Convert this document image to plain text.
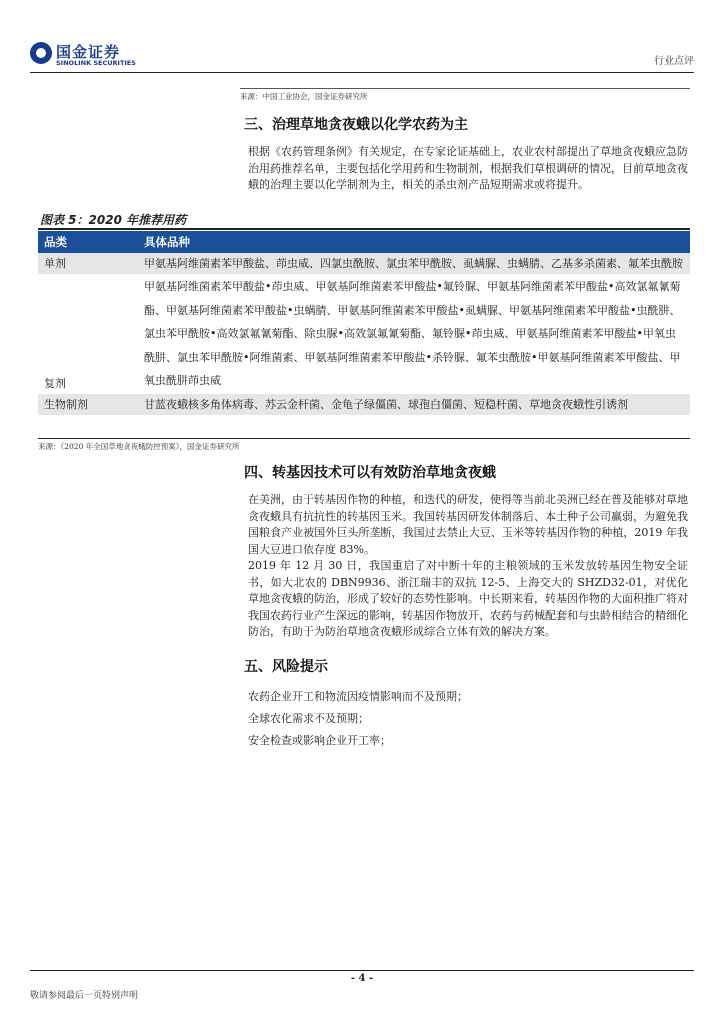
国金证券
SINOLINK SECURITIES	行业点评
来源：中国工业协会，国金证券研究所
三、治理草地贪夜蛾以化学农药为主
根据《农药管理条例》有关规定，在专家论证基础上，农业农村部提出了草地贪夜蛾应急防治用药推荐名单，主要包括化学用药和生物制剂，根据我们草根调研的情况，目前草地贪夜蛾的治理主要以化学制剂为主，相关的杀虫剂产品短期需求或将提升。
图表 5：2020 年推荐用药
品类	具体品种
单剂	甲氨基阿维菌素苯甲酸盐、茚虫威、四氯虫酰胺、氯虫苯甲酰胺、虱螨脲、虫螨腈、乙基多杀菌素、氟苯虫酰胺
复剂	甲氨基阿维菌素苯甲酸盐•茚虫威、甲氨基阿维菌素苯甲酸盐•氟铃脲、甲氨基阿维菌素苯甲酸盐•高效氯氟氰菊酯、甲氨基阿维菌素苯甲酸盐•虫螨腈、甲氨基阿维菌素苯甲酸盐•虱螨脲、甲氨基阿维菌素苯甲酸盐•虫酰肼、氯虫苯甲酰胺•高效氯氟氰菊酯、除虫脲•高效氯氟氰菊酯、氟铃脲•茚虫威、甲氨基阿维菌素苯甲酸盐•甲氧虫酰肼、氯虫苯甲酰胺•阿维菌素、甲氨基阿维菌素苯甲酸盐•杀铃脲、氟苯虫酰胺•甲氨基阿维菌素苯甲酸盐、甲氧虫酰肼茚虫威
生物制剂	甘蓝夜蛾核多角体病毒、苏云金杆菌、金龟子绿僵菌、球孢白僵菌、短稳杆菌、草地贪夜蛾性引诱剂
来源：《2020 年全国草地贪夜蛾防控预案》，国金证券研究所
四、转基因技术可以有效防治草地贪夜蛾
在美洲，由于转基因作物的种植，和迭代的研发，使得等当前北美洲已经在普及能够对草地贪夜蛾具有抗抗性的转基因玉米。我国转基因研发体制落后、本土种子公司羸弱，为避免我国粮食产业被国外巨头所垄断，我国过去禁止大豆、玉米等转基因作物的种植，2019 年我国大豆进口依存度 83%。
2019 年 12 月 30 日，我国重启了对中断十年的主粮领域的玉米发放转基因生物安全证书，如大北农的 DBN9936、浙江瑞丰的双抗 12-5、上海交大的 SHZD32-01，对优化草地贪夜蛾的防治，形成了较好的态势性影响。中长期来看，转基因作物的大面积推广将对我国农药行业产生深远的影响，转基因作物放开、农药与药械配套和与虫龄相结合的精细化防治，有助于为防治草地贪夜蛾形成综合立体有效的解决方案。
五、风险提示
农药企业开工和物流因疫情影响而不及预期；
全球农化需求不及预期；
安全检查或影响企业开工率；
- 4 -
敬请参阅最后一页特别声明
